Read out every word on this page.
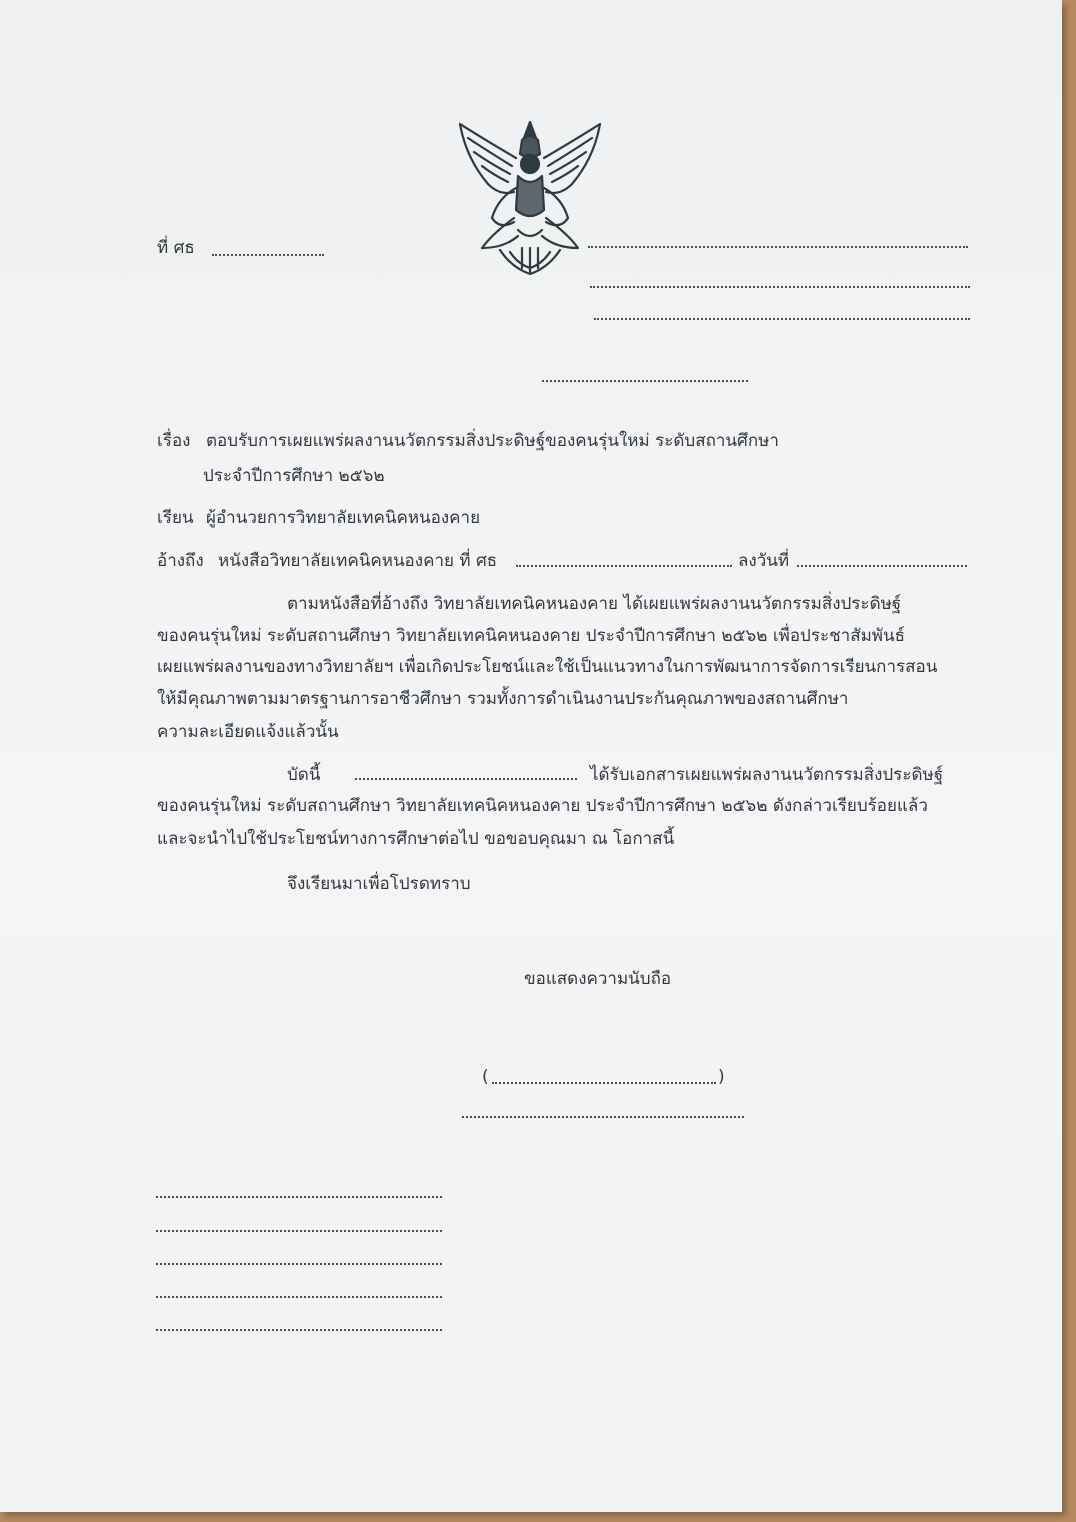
ที่ ศธ

เรื่อง ตอบรับการเผยแพร่ผลงานนวัตกรรมสิ่งประดิษฐ์ของคนรุ่นใหม่ ระดับสถานศึกษา

ประจำปีการศึกษา ๒๕๖๒

เรียน ผู้อำนวยการวิทยาลัยเทคนิคหนองคาย

อ้างถึง หนังสือวิทยาลัยเทคนิคหนองคาย ที่ ศธ	ลงวันที่

ตามหนังสือที่อ้างถึง วิทยาลัยเทคนิคหนองคาย ได้เผยแพร่ผลงานนวัตกรรมสิ่งประดิษฐ์

ของคนรุ่นใหม่ ระดับสถานศึกษา วิทยาลัยเทคนิคหนองคาย ประจำปีการศึกษา ๒๕๖๒ เพื่อประชาสัมพันธ์

เผยแพร่ผลงานของทางวิทยาลัยฯ เพื่อเกิดประโยชน์และใช้เป็นแนวทางในการพัฒนาการจัดการเรียนการสอน

ให้มีคุณภาพตามมาตรฐานการอาชีวศึกษา รวมทั้งการดำเนินงานประกันคุณภาพของสถานศึกษา

ความละเอียดแจ้งแล้วนั้น

บัดนี้	ได้รับเอกสารเผยแพร่ผลงานนวัตกรรมสิ่งประดิษฐ์

ของคนรุ่นใหม่ ระดับสถานศึกษา วิทยาลัยเทคนิคหนองคาย ประจำปีการศึกษา ๒๕๖๒ ดังกล่าวเรียบร้อยแล้ว

และจะนำไปใช้ประโยชน์ทางการศึกษาต่อไป ขอขอบคุณมา ณ โอกาสนี้

จึงเรียนมาเพื่อโปรดทราบ

ขอแสดงความนับถือ

(	)
